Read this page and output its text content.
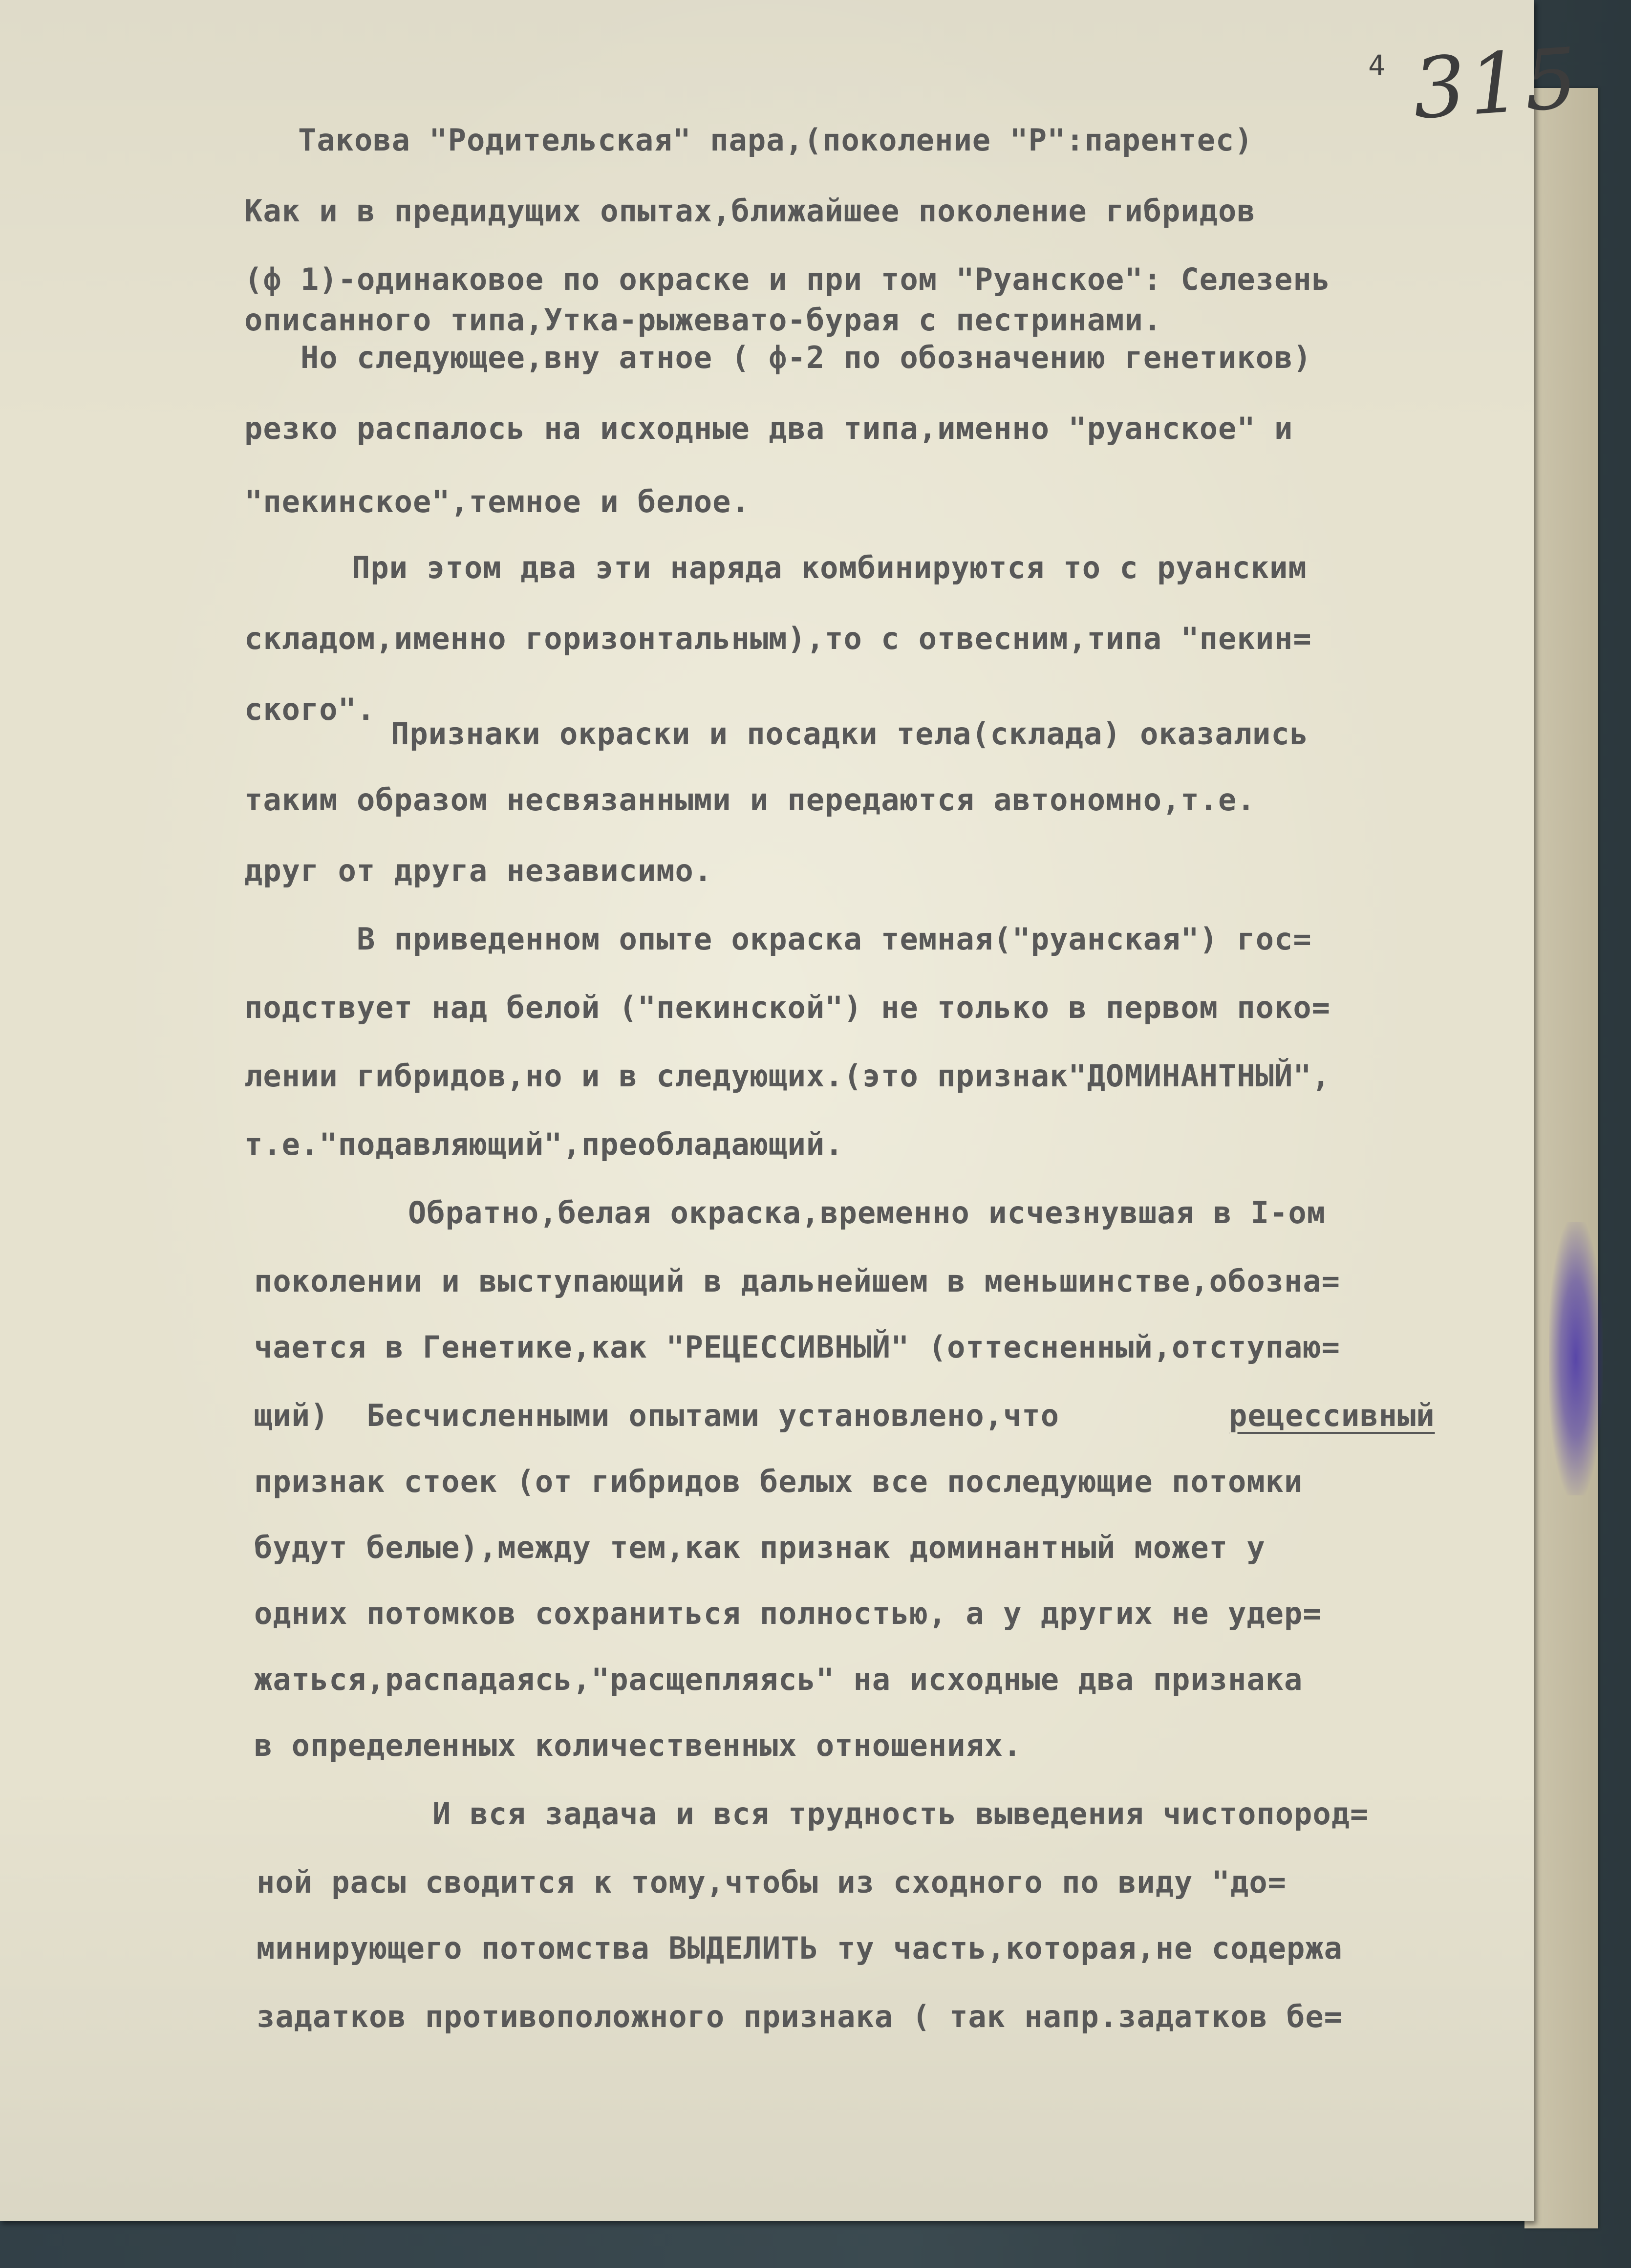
4 315
Такова "Родительская" пара,(поколение "P":парентес)
Как и в предидущих опытах,ближайшее поколение гибридов
(ф 1)-одинаковое по окраске и при том "Руанское": Селезень
описанного типа,Утка-рыжевато-бурая с пестринами.
Но следующее,вну атное ( ф-2 по обозначению генетиков)
резко распалось на исходные два типа,именно "руанское" и
"пекинское",темное и белое.
При этом два эти наряда комбинируются то с руанским
складом,именно горизонтальным),то с отвесним,типа "пекин=
ского".
Признаки окраски и посадки тела(склада) оказались
таким образом несвязанными и передаются автономно,т.е.
друг от друга независимо.
В приведенном опыте окраска темная("руанская") гос=
подствует над белой ("пекинской") не только в первом поко=
лении гибридов,но и в следующих.(это признак"ДОМИНАНТНЫЙ",
т.е."подавляющий",преобладающий.
Обратно,белая окраска,временно исчезнувшая в I-ом
поколении и выступающий в дальнейшем в меньшинстве,обозна=
чается в Генетике,как "РЕЦЕССИВНЫЙ" (оттесненный,отступаю=
щий)  Бесчисленными опытами установлено,что	рецессивный
признак стоек (от гибридов белых все последующие потомки
будут белые),между тем,как признак доминантный может у
одних потомков сохраниться полностью, а у других не удер=
жаться,распадаясь,"расщепляясь" на исходные два признака
в определенных количественных отношениях.
И вся задача и вся трудность выведения чистопород=
ной расы сводится к тому,чтобы из сходного по виду "до=
минирующего потомства ВЫДЕЛИТЬ ту часть,которая,не содержа
задатков противоположного признака ( так напр.задатков бе=
